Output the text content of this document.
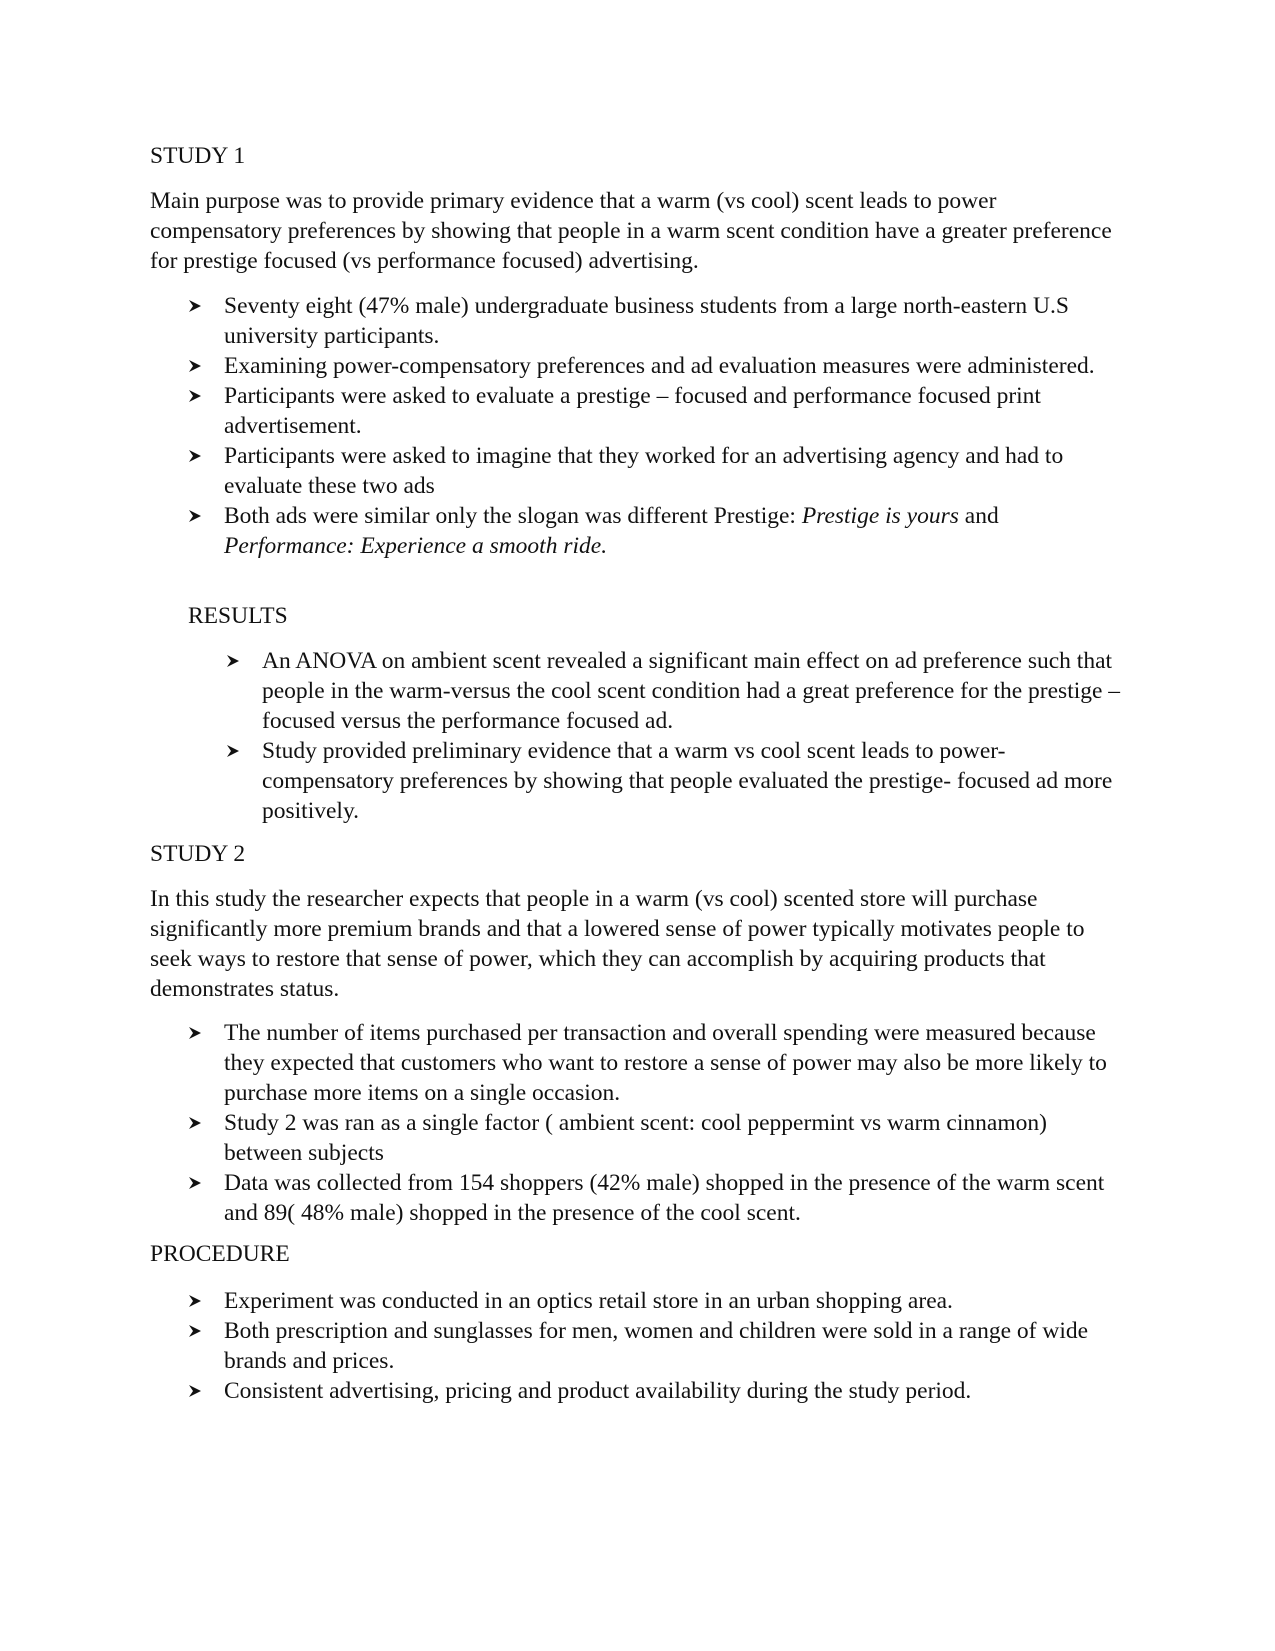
STUDY 1

Main purpose was to provide primary evidence that a warm (vs cool) scent leads to power compensatory preferences by showing that people in a warm scent condition have a greater preference for prestige focused (vs performance focused) advertising.

Seventy eight (47% male) undergraduate business students from a large north-eastern U.S university participants.
Examining power-compensatory preferences and ad evaluation measures were administered.
Participants were asked to evaluate a prestige – focused and performance focused print advertisement.
Participants were asked to imagine that they worked for an advertising agency and had to evaluate these two ads
Both ads were similar only the slogan was different Prestige: Prestige is yours and Performance: Experience a smooth ride.
RESULTS
An ANOVA on ambient scent revealed a significant main effect on ad preference such that people in the warm-versus the cool scent condition had a great preference for the prestige – focused versus the performance focused ad.
Study provided preliminary evidence that a warm vs cool scent leads to power-compensatory preferences by showing that people evaluated the prestige- focused ad more positively.
STUDY 2

In this study the researcher expects that people in a warm (vs cool) scented store will purchase significantly more premium brands and that a lowered sense of power typically motivates people to seek ways to restore that sense of power, which they can accomplish by acquiring products that demonstrates status.

The number of items purchased per transaction and overall spending were measured because they expected that customers who want to restore a sense of power may also be more likely to purchase more items on a single occasion.
Study 2 was ran as a single factor ( ambient scent: cool peppermint vs warm cinnamon) between subjects
Data was collected from 154 shoppers (42% male) shopped in the presence of the warm scent and 89( 48% male) shopped in the presence of the cool scent.
PROCEDURE
Experiment was conducted in an optics retail store in an urban shopping area.
Both prescription and sunglasses for men, women and children were sold in a range of wide brands and prices.
Consistent advertising, pricing and product availability during the study period.
